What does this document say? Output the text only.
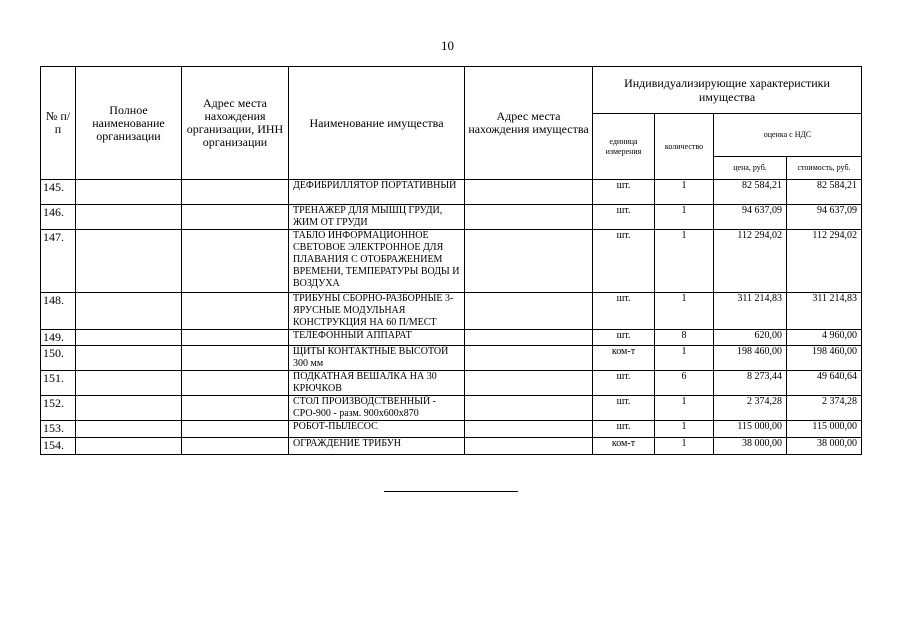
10
№ п/п	Полное наименование организации	Адрес места нахождения организации, ИНН организации	Наименование имущества	Адрес места нахождения имущества	Индивидуализирующие характеристики имущества			
					единица измерения	количество	оценка с НДС	
							цена, руб.	стоимость, руб.
145.			ДЕФИБРИЛЛЯТОР ПОРТАТИВНЫЙ		шт.	1	82 584,21	82 584,21
146.			ТРЕНАЖЕР ДЛЯ МЫШЦ ГРУДИ, ЖИМ ОТ ГРУДИ		шт.	1	94 637,09	94 637,09
147.			ТАБЛО ИНФОРМАЦИОННОЕ СВЕТОВОЕ ЭЛЕКТРОННОЕ ДЛЯ ПЛАВАНИЯ С ОТОБРАЖЕНИЕМ ВРЕМЕНИ, ТЕМПЕРАТУРЫ ВОДЫ И ВОЗДУХА		шт.	1	112 294,02	112 294,02
148.			ТРИБУНЫ СБОРНО-РАЗБОРНЫЕ 3- ЯРУСНЫЕ МОДУЛЬНАЯ КОНСТРУКЦИЯ НА 60 П/МЕСТ		шт.	1	311 214,83	311 214,83
149.			ТЕЛЕФОННЫЙ АППАРАТ		шт.	8	620,00	4 960,00
150.			ЩИТЫ КОНТАКТНЫЕ ВЫСОТОЙ 300 мм		ком-т	1	198 460,00	198 460,00
151.			ПОДКАТНАЯ ВЕШАЛКА НА 30 КРЮЧКОВ		шт.	6	8 273,44	49 640,64
152.			СТОЛ ПРОИЗВОДСТВЕННЫЙ - СРО-900 - разм. 900x600x870		шт.	1	2 374,28	2 374,28
153.			РОБОТ-ПЫЛЕСОС		шт.	1	115 000,00	115 000,00
154.			ОГРАЖДЕНИЕ ТРИБУН		ком-т	1	38 000,00	38 000,00
